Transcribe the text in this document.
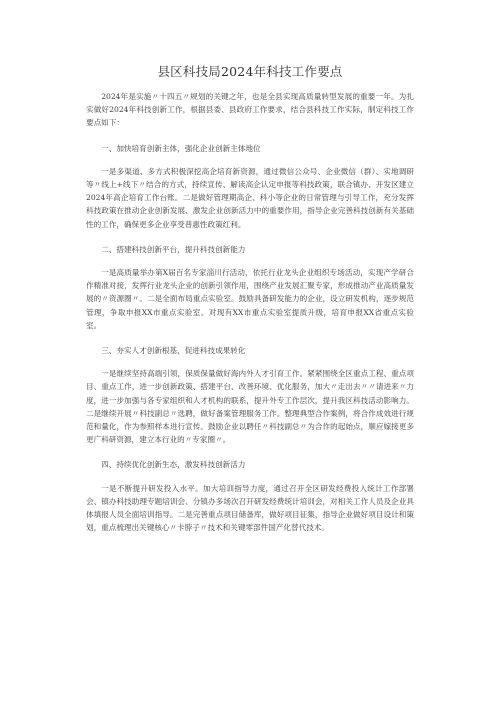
县区科技局2024年科技工作要点

2024年是实施〃十四五〃规划的关键之年，也是全县实现高质量转型发展的重要一年。为扎实做好2024年科技创新工作，根据县委、县政府工作要求，结合县科技工作实际，制定科技工作要点如下：

一、加快培育创新主体，强化企业创新主体地位

一是多渠道、多方式积极深挖高企培育新资源，通过微信公众号、企业微信（群）、实地调研等〃线上+线下〃结合的方式，持续宣传、解读高企认定申报等科技政策，联合镇办、开发区建立2024年高企培育工作台账。二是做好管理期高企、科小等企业的日常管理与引导工作，充分发挥科技政策在推动企业创新发展、激发企业创新活力中的重要作用，指导企业完善科技创新有关基础性的工作，确保更多企业享受普惠性政策红利。

二、搭建科技创新平台，提升科技创新能力

一是高质量举办第X届百名专家淄川行活动，依托行业龙头企业组织专场活动，实现产学研合作精准对接，发挥行业龙头企业的创新引领作用，围绕产业发展汇聚专家，形成推动产业高质量发展的〃资源圈〃。二是全面布局重点实验室。鼓励具备研发能力的企业，设立研发机构，逐步规范管理，争取申报XX市重点实验室。对现有XX市重点实验室提质升级，培育申报XX省重点实验室。

三、夯实人才创新根基，促进科技成果转化

一是继续坚持高端引领，保质保量做好海内外人才引育工作。紧紧围绕全区重点工程、重点项目、重点工作，进一步创新政策、搭建平台、改善环境、优化服务，加大〃走出去〃〃请进来〃力度，进一步加强与各专家组织和人才机构的联系，提升外专工作层次，提升我区科技活动影响力。二是继续开展〃科技副总〃选聘，做好备案管理服务工作。整理典型合作案例，将合作成效进行规范和量化，作为参照样本进行宣传。鼓励企业以聘任〃科技副总〃为合作的起始点，顺应嫁接更多更广科研资源，建立本行业的〃专家圈〃。

四、持续优化创新生态，激发科技创新活力

一是不断提升研发投入水平。加大培训指导力度，通过召开全区研发经费投入统计工作部署会、镇办科技助理专题培训会、分镇办多场次召开研发经费统计培训会，对相关工作人员及企业具体填报人员全面培训指导。二是完善重点项目储备库，做好项目征集，指导企业做好项目设计和策划，重点梳理出关键核心〃卡脖子〃技术和关键零部件国产化替代技术。
